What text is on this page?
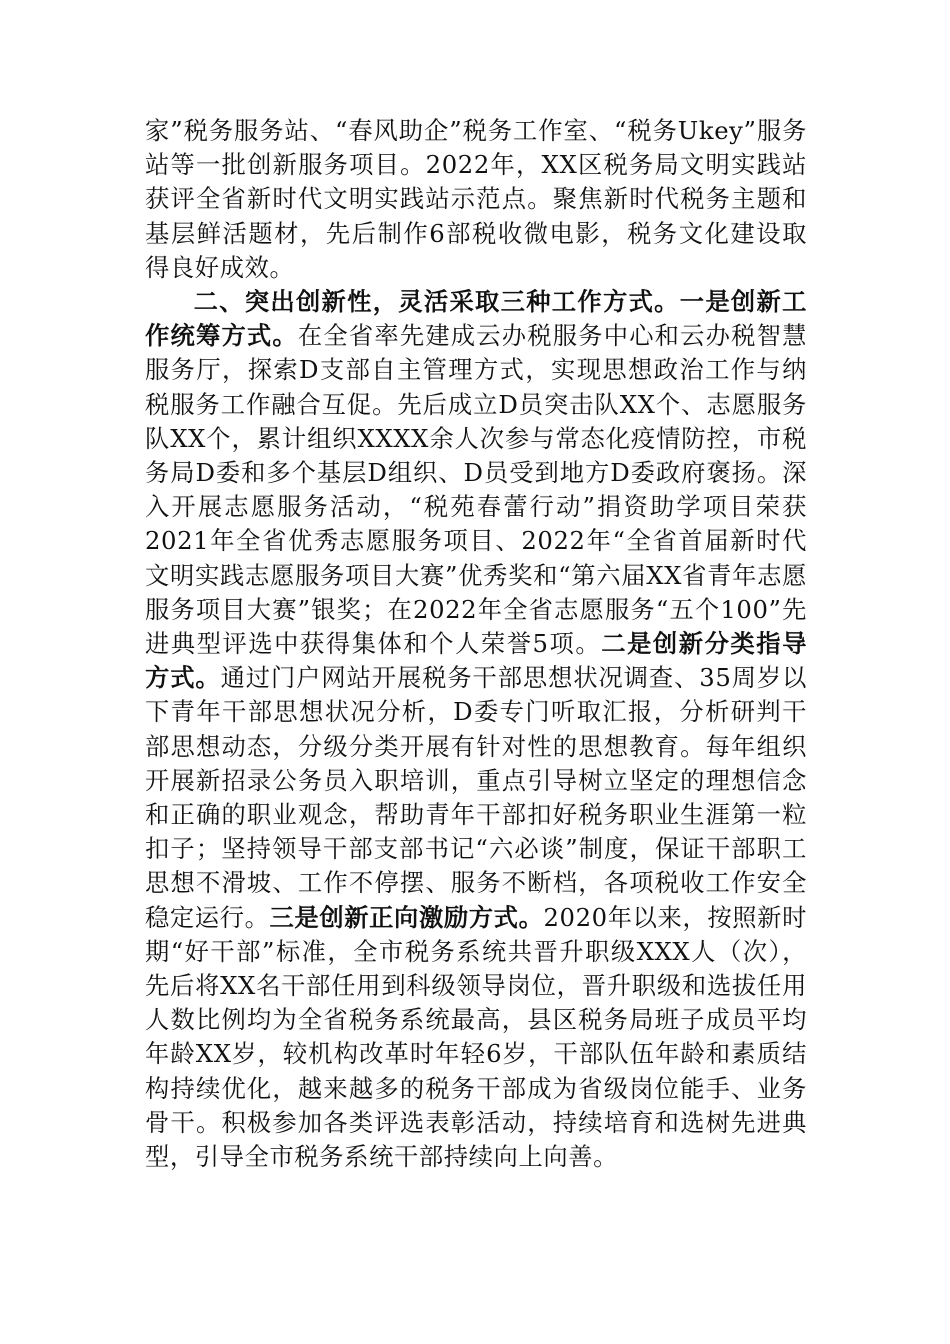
家”税务服务站、“春风助企”税务工作室、“税务Ukey”服务站等一批创新服务项目。2022年，XX区税务局文明实践站获评全省新时代文明实践站示范点。聚焦新时代税务主题和基层鲜活题材，先后制作6部税收微电影，税务文化建设取得良好成效。

二、突出创新性，灵活采取三种工作方式。一是创新工作统筹方式。在全省率先建成云办税服务中心和云办税智慧服务厅，探索D支部自主管理方式，实现思想政治工作与纳税服务工作融合互促。先后成立D员突击队XX个、志愿服务队XX个，累计组织XXXX余人次参与常态化疫情防控，市税务局D委和多个基层D组织、D员受到地方D委政府褒扬。深入开展志愿服务活动，“税苑春蕾行动”捐资助学项目荣获2021年全省优秀志愿服务项目、2022年“全省首届新时代文明实践志愿服务项目大赛”优秀奖和“第六届XX省青年志愿服务项目大赛”银奖；在2022年全省志愿服务“五个100”先进典型评选中获得集体和个人荣誉5项。二是创新分类指导方式。通过门户网站开展税务干部思想状况调查、35周岁以下青年干部思想状况分析，D委专门听取汇报，分析研判干部思想动态，分级分类开展有针对性的思想教育。每年组织开展新招录公务员入职培训，重点引导树立坚定的理想信念和正确的职业观念，帮助青年干部扣好税务职业生涯第一粒扣子；坚持领导干部支部书记“六必谈”制度，保证干部职工思想不滑坡、工作不停摆、服务不断档，各项税收工作安全稳定运行。三是创新正向激励方式。2020年以来，按照新时期“好干部”标准，全市税务系统共晋升职级XXX人（次），先后将XX名干部任用到科级领导岗位，晋升职级和选拔任用人数比例均为全省税务系统最高，县区税务局班子成员平均年龄XX岁，较机构改革时年轻6岁，干部队伍年龄和素质结构持续优化，越来越多的税务干部成为省级岗位能手、业务骨干。积极参加各类评选表彰活动，持续培育和选树先进典型，引导全市税务系统干部持续向上向善。
